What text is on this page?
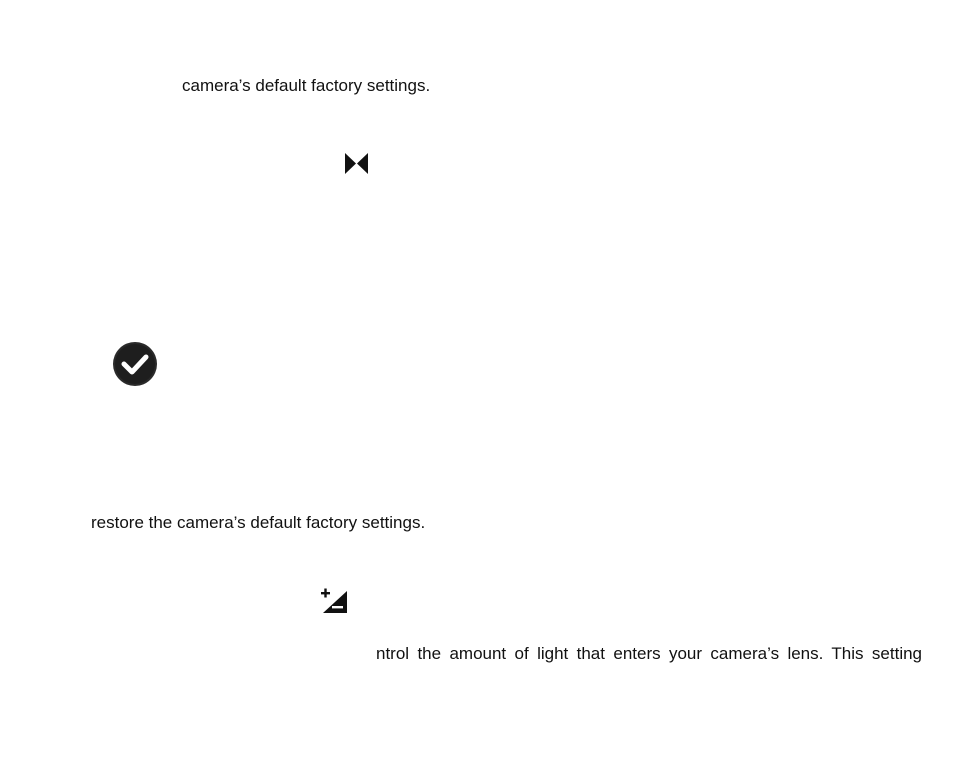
camera’s default factory settings.
restore the camera’s default factory settings.
ntrol the amount of light that enters your camera’s lens. This setting
